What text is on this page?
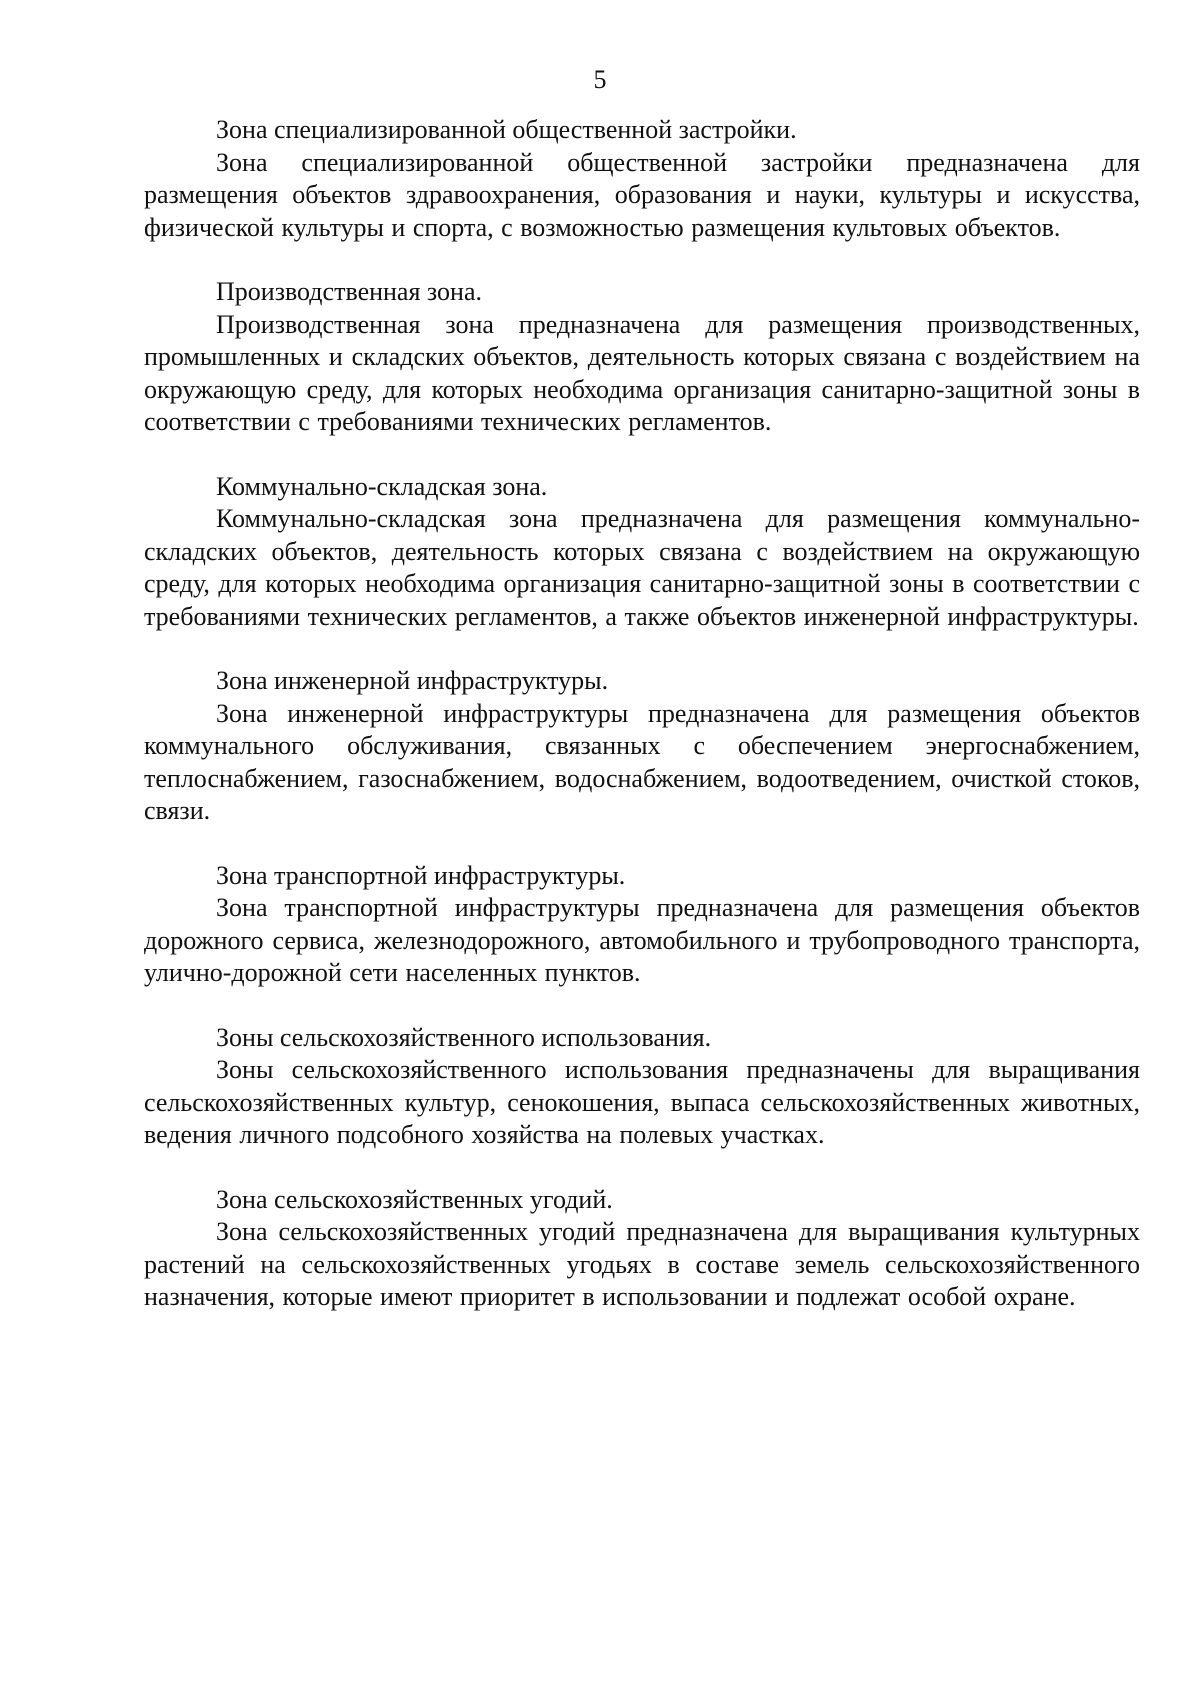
5

Зона специализированной общественной застройки.

Зона специализированной общественной застройки предназначена для размещения объектов здравоохранения, образования и науки, культуры и искусства, физической культуры и спорта, с возможностью размещения культовых объектов.

Производственная зона.

Производственная зона предназначена для размещения производственных, промышленных и складских объектов, деятельность которых связана с воздействием на окружающую среду, для которых необходима организация санитарно-защитной зоны в соответствии с требованиями технических регламентов.

Коммунально-складская зона.

Коммунально-складская зона предназначена для размещения коммунально-складских объектов, деятельность которых связана с воздействием на окружающую среду, для которых необходима организация санитарно-защитной зоны в соответствии с требованиями технических регламентов, а также объектов инженерной инфраструктуры.

Зона инженерной инфраструктуры.

Зона инженерной инфраструктуры предназначена для размещения объектов коммунального обслуживания, связанных с обеспечением энергоснабжением, теплоснабжением, газоснабжением, водоснабжением, водоотведением, очисткой стоков, связи.

Зона транспортной инфраструктуры.

Зона транспортной инфраструктуры предназначена для размещения объектов дорожного сервиса, железнодорожного, автомобильного и трубопроводного транспорта, улично-дорожной сети населенных пунктов.

Зоны сельскохозяйственного использования.

Зоны сельскохозяйственного использования предназначены для выращивания сельскохозяйственных культур, сенокошения, выпаса сельскохозяйственных животных, ведения личного подсобного хозяйства на полевых участках.

Зона сельскохозяйственных угодий.

Зона сельскохозяйственных угодий предназначена для выращивания культурных растений на сельскохозяйственных угодьях в составе земель сельскохозяйственного назначения, которые имеют приоритет в использовании и подлежат особой охране.
